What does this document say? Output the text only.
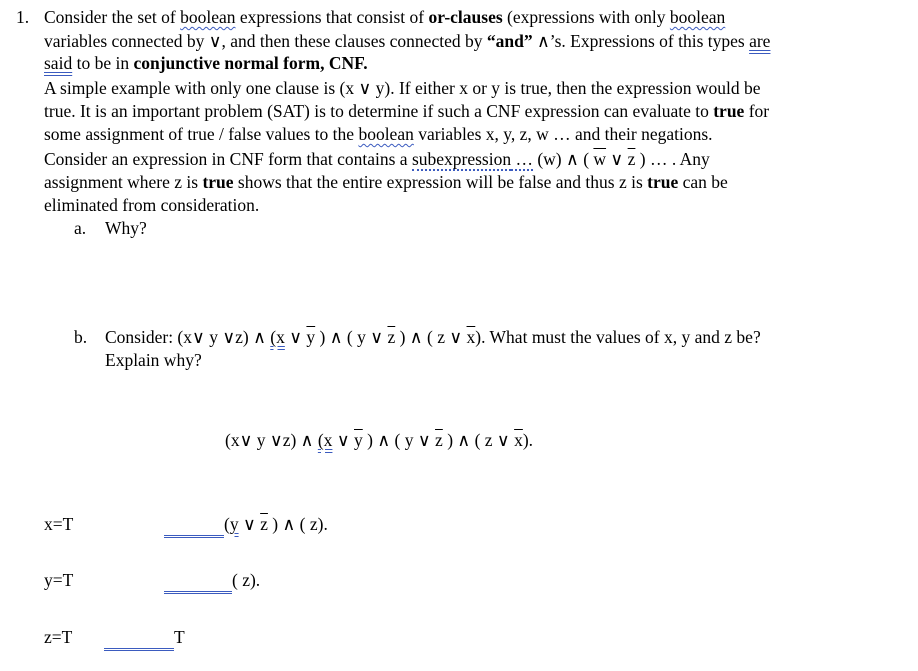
1. Consider the set of boolean expressions that consist of or-clauses (expressions with only boolean
variables connected by ∨, and then these clauses connected by “and” ∧’s. Expressions of this types are
said to be in conjunctive normal form, CNF.
A simple example with only one clause is (x ∨ y). If either x or y is true, then the expression would be
true. It is an important problem (SAT) is to determine if such a CNF expression can evaluate to true for
some assignment of true / false values to the boolean variables x, y, z, w … and their negations.
Consider an expression in CNF form that contains a subexpression … (w) ∧ ( $\overline{w}$ ∨ $\overline{z}$ ) … . Any
assignment where z is true shows that the entire expression will be false and thus z is true can be
eliminated from consideration.
a. Why?
b. Consider: (x∨ y ∨z) ∧ (x ∨ $\overline{y}$ ) ∧ ( y ∨ $\overline{z}$ ) ∧ ( z ∨ $\overline{x}$). What must the values of x, y and z be?
Explain why?
(x∨ y ∨z) ∧ (x ∨ $\overline{y}$ ) ∧ ( y ∨ $\overline{z}$ ) ∧ ( z ∨ $\overline{x}$).
x=T	(y ∨ $\overline{z}$ ) ∧ ( z).
y=T	( z).
z=T	T
